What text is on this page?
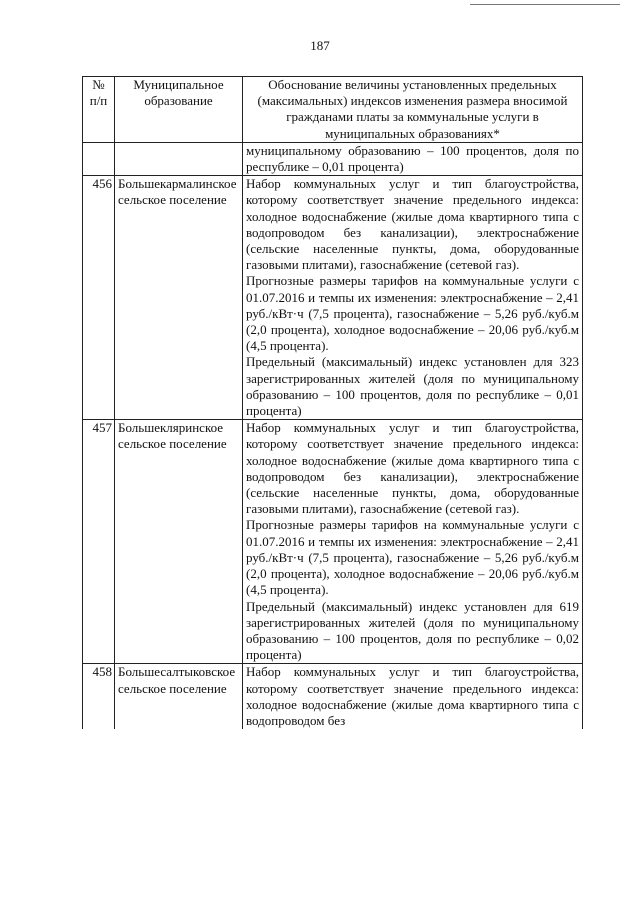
187
№ п/п	Муниципальное образование	Обоснование величины установленных предельных (максимальных) индексов изменения размера вносимой гражданами платы за коммунальные услуги в муниципальных образованиях*
		муниципальному образованию – 100 процентов, доля по республике – 0,01 процента)
456	Большекармалинское сельское поселение	Набор коммунальных услуг и тип благоустройства, которому соответствует значение предельного индекса: холодное водоснабжение (жилые дома квартирного типа с водопроводом без канализации), электроснабжение (сельские населенные пункты, дома, оборудованные газовыми плитами), газоснабжение (сетевой газ).

Прогнозные размеры тарифов на коммунальные услуги с 01.07.2016 и темпы их изменения: электроснабжение – 2,41 руб./кВт·ч (7,5 процента), газоснабжение – 5,26 руб./куб.м (2,0 процента), холодное водоснабжение – 20,06 руб./куб.м (4,5 процента).

Предельный (максимальный) индекс установлен для 323 зарегистрированных жителей (доля по муниципальному образованию – 100 процентов, доля по республике – 0,01 процента)

457	Большекляринское сельское поселение	Набор коммунальных услуг и тип благоустройства, которому соответствует значение предельного индекса: холодное водоснабжение (жилые дома квартирного типа с водопроводом без канализации), электроснабжение (сельские населенные пункты, дома, оборудованные газовыми плитами), газоснабжение (сетевой газ).

Прогнозные размеры тарифов на коммунальные услуги с 01.07.2016 и темпы их изменения: электроснабжение – 2,41 руб./кВт·ч (7,5 процента), газоснабжение – 5,26 руб./куб.м (2,0 процента), холодное водоснабжение – 20,06 руб./куб.м (4,5 процента).

Предельный (максимальный) индекс установлен для 619 зарегистрированных жителей (доля по муниципальному образованию – 100 процентов, доля по республике – 0,02 процента)

458	Большесалтыковское сельское поселение	Набор коммунальных услуг и тип благоустройства, которому соответствует значение предельного индекса: холодное водоснабжение (жилые дома квартирного типа с водопроводом без
